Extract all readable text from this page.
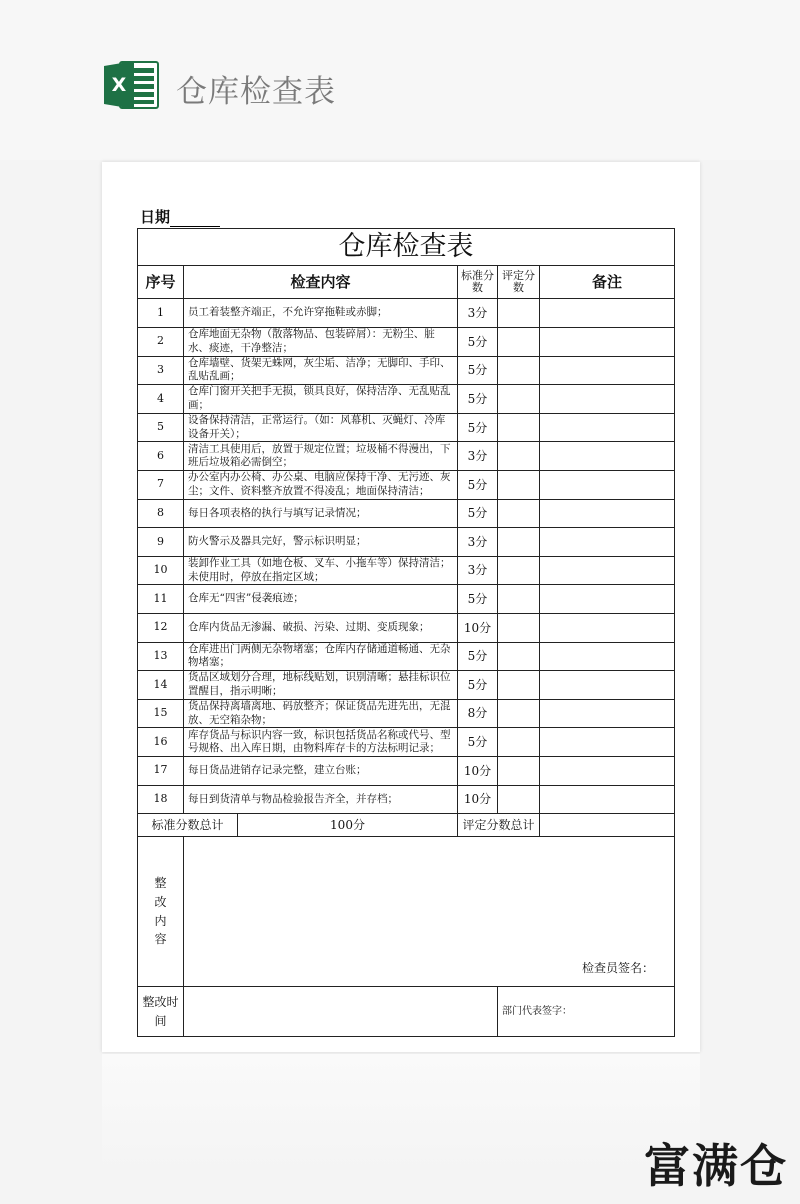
X 仓库检查表
日期
仓库检查表					
序号	检查内容		标准分数	评定分数	备注
1	员工着装整齐端正，不允许穿拖鞋或赤脚；		3分		
2	仓库地面无杂物（散落物品、包装碎屑）：无粉尘、脏水、痰迹，干净整洁；		5分		
3	仓库墙壁、货架无蛛网，灰尘垢、洁净；无脚印、手印、乱贴乱画；		5分		
4	仓库门窗开关把手无损，锁具良好，保持洁净、无乱贴乱画；		5分		
5	设备保持清洁，正常运行。（如：风幕机、灭蝇灯、冷库设备开关）；		5分		
6	清洁工具使用后，放置于规定位置；垃圾桶不得漫出，下班后垃圾箱必需倒空；		3分		
7	办公室内办公椅、办公桌、电脑应保持干净、无污迹、灰尘；文件、资料整齐放置不得凌乱；地面保持清洁；		5分		
8	每日各项表格的执行与填写记录情况；		5分		
9	防火警示及器具完好，警示标识明显；		3分		
10	装卸作业工具（如地仓板、叉车、小拖车等）保持清洁；未使用时，停放在指定区域；		3分		
11	仓库无“四害”侵袭痕迹；		5分		
12	仓库内货品无渗漏、破损、污染、过期、变质现象；		10分		
13	仓库进出门两侧无杂物堵塞；仓库内存储通道畅通、无杂物堵塞；		5分		
14	货品区域划分合理，地标线贴划，识别清晰；悬挂标识位置醒目，指示明晰；		5分		
15	货品保持离墙离地、码放整齐；保证货品先进先出，无混放、无空箱杂物；		8分		
16	库存货品与标识内容一致，标识包括货品名称或代号、型号规格、出入库日期，由物料库存卡的方法标明记录；		5分		
17	每日货品进销存记录完整，建立台账；		10分		
18	每日到货清单与物品检验报告齐全，并存档；		10分		
标准分数总计		100分	评定分数总计		

整改内容	检查员签名：				

整改时间				部门代表签字：	
富满仓
